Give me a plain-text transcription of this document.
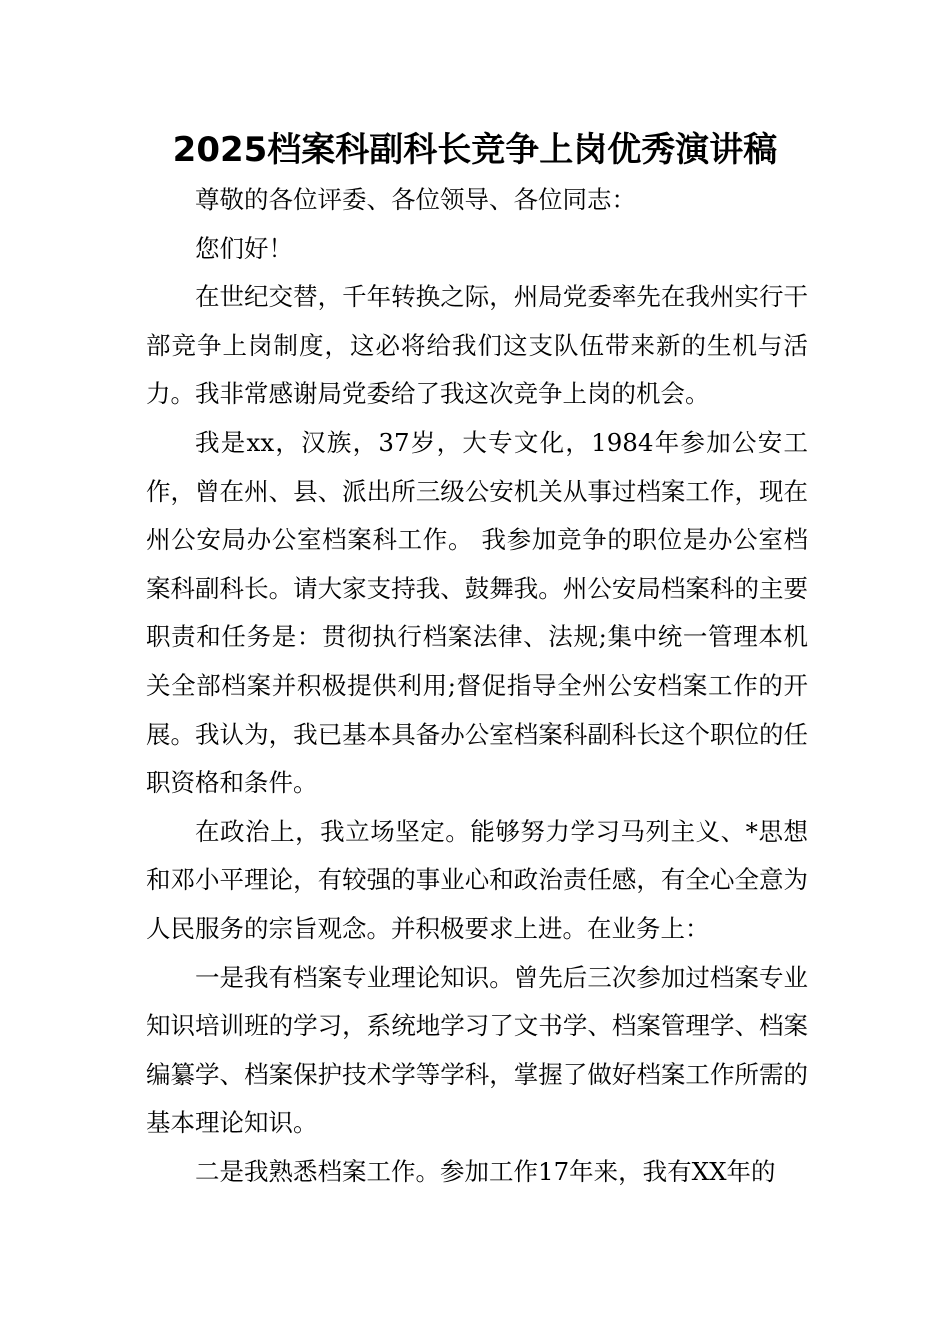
2025档案科副科长竞争上岗优秀演讲稿

尊敬的各位评委、各位领导、各位同志：

您们好！

在世纪交替，千年转换之际，州局党委率先在我州实行干部竞争上岗制度，这必将给我们这支队伍带来新的生机与活力。我非常感谢局党委给了我这次竞争上岗的机会。

我是xx，汉族，37岁，大专文化，1984年参加公安工作，曾在州、县、派出所三级公安机关从事过档案工作，现在州公安局办公室档案科工作。 我参加竞争的职位是办公室档案科副科长。请大家支持我、鼓舞我。州公安局档案科的主要职责和任务是：贯彻执行档案法律、法规;集中统一管理本机关全部档案并积极提供利用;督促指导全州公安档案工作的开展。我认为，我已基本具备办公室档案科副科长这个职位的任职资格和条件。

在政治上，我立场坚定。能够努力学习马列主义、*思想和邓小平理论，有较强的事业心和政治责任感，有全心全意为人民服务的宗旨观念。并积极要求上进。在业务上：

一是我有档案专业理论知识。曾先后三次参加过档案专业知识培训班的学习，系统地学习了文书学、档案管理学、档案编纂学、档案保护技术学等学科，掌握了做好档案工作所需的基本理论知识。

二是我熟悉档案工作。参加工作17年来，我有XX年的
